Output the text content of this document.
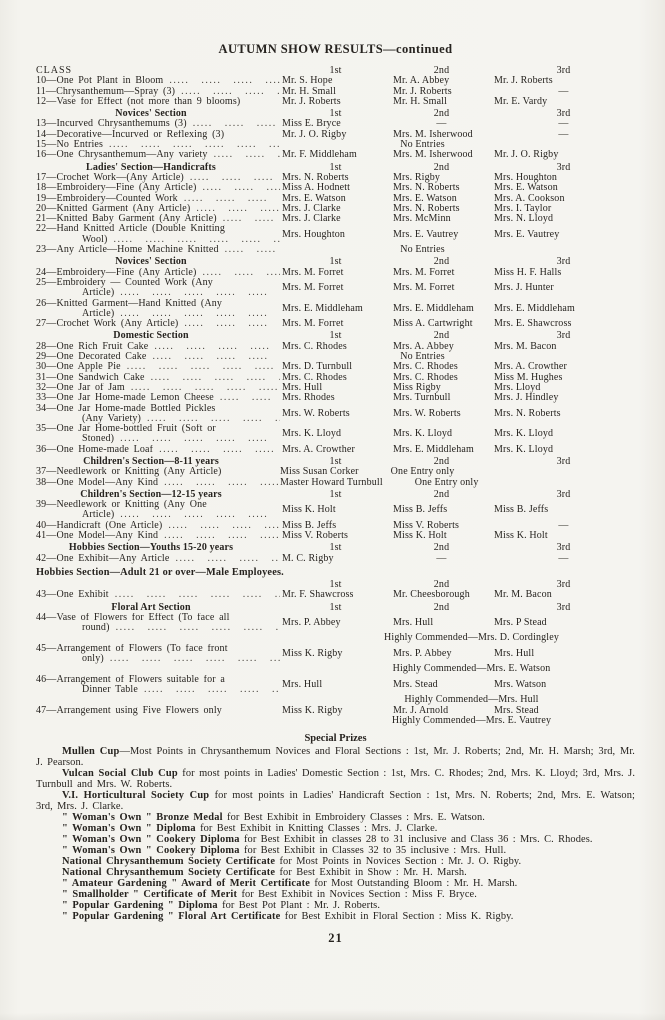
AUTUMN SHOW RESULTS—continued
CLASS	1st	2nd	3rd
10—One Pot Plant in Bloom .....	Mr. S. Hope	Mr. A. Abbey	Mr. J. Roberts
11—Chrysanthemum—Spray (3) .....	Mr. H. Small	Mr. J. Roberts	—
12—Vase for Effect (not more than 9 blooms)	Mr. J. Roberts	Mr. H. Small	Mr. E. Vardy
Novices' Section	1st	2nd	3rd
13—Incurved Chrysanthemums (3) .....	Miss E. Bryce	—	—
14—Decorative—Incurved or Reflexing (3)	Mr. J. O. Rigby	Mrs. M. Isherwood	—
15—No Entries .....	No Entries
16—One Chrysanthemum—Any variety .....	Mr. F. Middleham	Mrs. M. Isherwood	Mr. J. O. Rigby
Ladies' Section—Handicrafts	1st	2nd	3rd
17—Crochet Work—(Any Article) .....	Mrs. N. Roberts	Mrs. Rigby	Mrs. Houghton
18—Embroidery—Fine (Any Article) .....	Miss A. Hodnett	Mrs. N. Roberts	Mrs. E. Watson
19—Embroidery—Counted Work .....	Mrs. E. Watson	Mrs. E. Watson	Mrs. A. Cookson
20—Knitted Garment (Any Article) .....	Mrs. J. Clarke	Mrs. N. Roberts	Mrs. I. Taylor
21—Knitted Baby Garment (Any Article) .....	Mrs. J. Clarke	Mrs. McMinn	Mrs. N. Lloyd
22—Hand Knitted Article (Double Knitting
Wool) .....	Mrs. Houghton	Mrs. E. Vautrey	Mrs. E. Vautrey
23—Any Article—Home Machine Knitted .....	No Entries
Novices' Section	1st	2nd	3rd
24—Embroidery—Fine (Any Article) .....	Mrs. M. Forret	Mrs. M. Forret	Miss H. F. Halls
25—Embroidery — Counted Work (Any
Article) .....	Mrs. M. Forret	Mrs. M. Forret	Mrs. J. Hunter
26—Knitted Garment—Hand Knitted (Any
Article) .....	Mrs. E. Middleham	Mrs. E. Middleham	Mrs. E. Middleham
27—Crochet Work (Any Article) .....	Mrs. M. Forret	Miss A. Cartwright	Mrs. E. Shawcross
Domestic Section	1st	2nd	3rd
28—One Rich Fruit Cake .....	Mrs. C. Rhodes	Mrs. A. Abbey	Mrs. M. Bacon
29—One Decorated Cake .....	No Entries
30—One Apple Pie .....	Mrs. D. Turnbull	Mrs. C. Rhodes	Mrs. A. Crowther
31—One Sandwich Cake .....	Mrs. C. Rhodes	Mrs. C. Rhodes	Miss M. Hughes
32—One Jar of Jam .....	Mrs. Hull	Miss Rigby	Mrs. Lloyd
33—One Jar Home-made Lemon Cheese .....	Mrs. Rhodes	Mrs. Turnbull	Mrs. J. Hindley
34—One Jar Home-made Bottled Pickles
(Any Variety) .....	Mrs. W. Roberts	Mrs. W. Roberts	Mrs. N. Roberts
35—One Jar Home-bottled Fruit (Soft or
Stoned) .....	Mrs. K. Lloyd	Mrs. K. Lloyd	Mrs. K. Lloyd
36—One Home-made Loaf .....	Mrs. A. Crowther	Mrs. E. Middleham	Mrs. K. Lloyd
Children's Section—8-11 years	1st	2nd	3rd
37—Needlework or Knitting (Any Article)	Miss Susan Corker	One Entry only
38—One Model—Any Kind .....	Master Howard Turnbull	One Entry only
Children's Section—12-15 years	1st	2nd	3rd
39—Needlework or Knitting (Any One
Article) .....	Miss K. Holt	Miss B. Jeffs	Miss B. Jeffs
40—Handicraft (One Article) .....	Miss B. Jeffs	Miss V. Roberts	—
41—One Model—Any Kind .....	Miss V. Roberts	Miss K. Holt	Miss K. Holt
Hobbies Section—Youths 15-20 years	1st	2nd	3rd
42—One Exhibit—Any Article .....	M. C. Rigby	—	—
Hobbies Section—Adult 21 or over—Male Employees.
1st	2nd	3rd
43—One Exhibit .....	Mr. F. Shawcross	Mr. Cheesborough	Mr. M. Bacon
Floral Art Section	1st	2nd	3rd
44—Vase of Flowers for Effect (To face all
round) .....	Mrs. P. Abbey	Mrs. Hull	Mrs. P Stead
Highly Commended—Mrs. D. Cordingley
45—Arrangement of Flowers (To face front
only) .....	Miss K. Rigby	Mrs. P. Abbey	Mrs. Hull
Highly Commended—Mrs. E. Watson
46—Arrangement of Flowers suitable for a
Dinner Table .....	Mrs. Hull	Mrs. Stead	Mrs. Watson
Highly Commended—Mrs. Hull
47—Arrangement using Five Flowers only	Miss K. Rigby	Mr. J. Arnold	Mrs. Stead
Highly Commended—Mrs. E. Vautrey
Special Prizes

Mullen Cup—Most Points in Chrysanthemum Novices and Floral Sections : 1st, Mr. J. Roberts; 2nd, Mr. H. Marsh; 3rd, Mr. J. Pearson.

Vulcan Social Club Cup for most points in Ladies' Domestic Section : 1st, Mrs. C. Rhodes; 2nd, Mrs. K. Lloyd; 3rd, Mrs. J. Turnbull and Mrs. W. Roberts.

V.I. Horticultural Society Cup for most points in Ladies' Handicraft Section : 1st, Mrs. N. Roberts; 2nd, Mrs. E. Watson; 3rd, Mrs. J. Clarke.

" Woman's Own " Bronze Medal for Best Exhibit in Embroidery Classes : Mrs. E. Watson.

" Woman's Own " Diploma for Best Exhibit in Knitting Classes : Mrs. J. Clarke.

" Woman's Own " Cookery Diploma for Best Exhibit in classes 28 to 31 inclusive and Class 36 : Mrs. C. Rhodes.

" Woman's Own " Cookery Diploma for Best Exhibit in Classes 32 to 35 inclusive : Mrs. Hull.

National Chrysanthemum Society Certificate for Most Points in Novices Section : Mr. J. O. Rigby.

National Chrysanthemum Society Certificate for Best Exhibit in Show : Mr. H. Marsh.

" Amateur Gardening " Award of Merit Certificate for Most Outstanding Bloom : Mr. H. Marsh.

" Smallholder " Certificate of Merit for Best Exhibit in Novices Section : Miss F. Bryce.

" Popular Gardening " Diploma for Best Pot Plant : Mr. J. Roberts.

" Popular Gardening " Floral Art Certificate for Best Exhibit in Floral Section : Miss K. Rigby.

21
